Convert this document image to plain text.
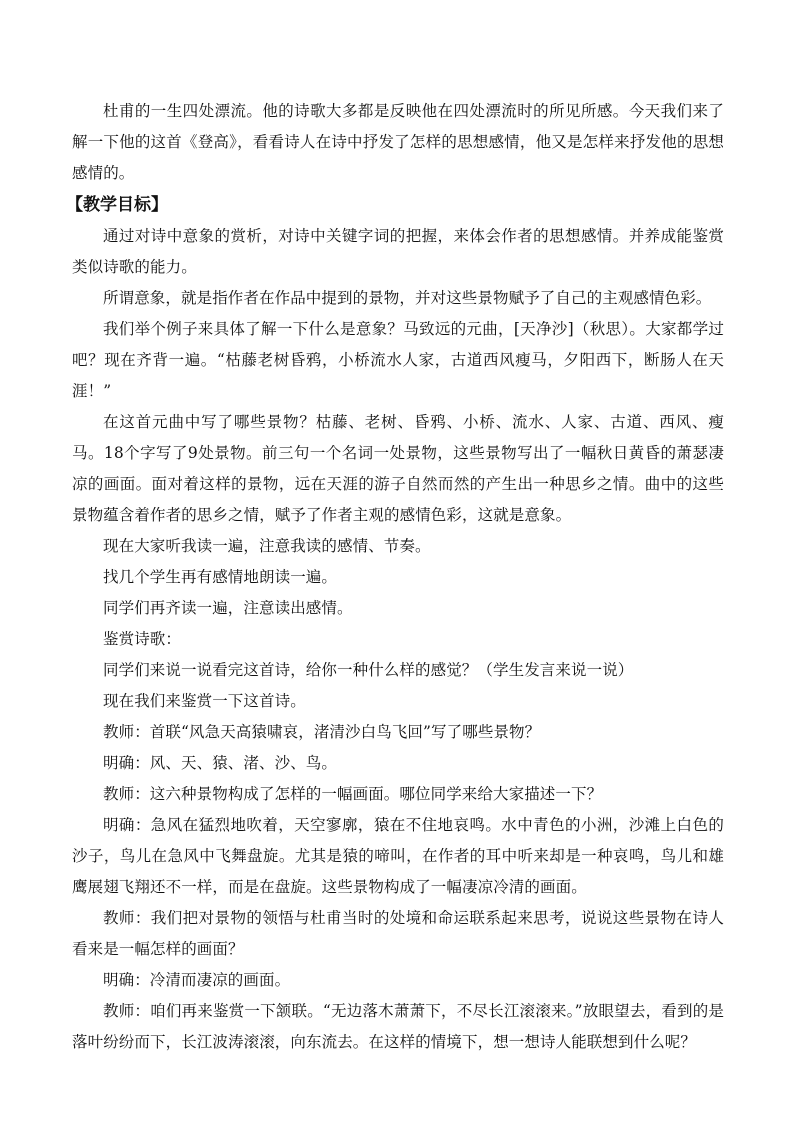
杜甫的一生四处漂流。他的诗歌大多都是反映他在四处漂流时的所见所感。今天我们来了解一下他的这首《登高》，看看诗人在诗中抒发了怎样的思想感情，他又是怎样来抒发他的思想感情的。

【教学目标】

通过对诗中意象的赏析，对诗中关键字词的把握，来体会作者的思想感情。并养成能鉴赏类似诗歌的能力。

所谓意象，就是指作者在作品中提到的景物，并对这些景物赋予了自己的主观感情色彩。

我们举个例子来具体了解一下什么是意象？马致远的元曲，[天净沙]（秋思）。大家都学过吧？现在齐背一遍。“枯藤老树昏鸦，小桥流水人家，古道西风瘦马，夕阳西下，断肠人在天涯！”

在这首元曲中写了哪些景物？枯藤、老树、昏鸦、小桥、流水、人家、古道、西风、瘦马。18个字写了9处景物。前三句一个名词一处景物，这些景物写出了一幅秋日黄昏的萧瑟凄凉的画面。面对着这样的景物，远在天涯的游子自然而然的产生出一种思乡之情。曲中的这些景物蕴含着作者的思乡之情，赋予了作者主观的感情色彩，这就是意象。

现在大家听我读一遍，注意我读的感情、节奏。

找几个学生再有感情地朗读一遍。

同学们再齐读一遍，注意读出感情。

鉴赏诗歌：

同学们来说一说看完这首诗，给你一种什么样的感觉？（学生发言来说一说）

现在我们来鉴赏一下这首诗。

教师：首联“风急天高猿啸哀，渚清沙白鸟飞回”写了哪些景物？

明确：风、天、猿、渚、沙、鸟。

教师：这六种景物构成了怎样的一幅画面。哪位同学来给大家描述一下？

明确：急风在猛烈地吹着，天空寥廓，猿在不住地哀鸣。水中青色的小洲，沙滩上白色的沙子，鸟儿在急风中飞舞盘旋。尤其是猿的啼叫，在作者的耳中听来却是一种哀鸣，鸟儿和雄鹰展翅飞翔还不一样，而是在盘旋。这些景物构成了一幅凄凉冷清的画面。

教师：我们把对景物的领悟与杜甫当时的处境和命运联系起来思考，说说这些景物在诗人看来是一幅怎样的画面？

明确：冷清而凄凉的画面。

教师：咱们再来鉴赏一下颔联。“无边落木萧萧下，不尽长江滚滚来。”放眼望去，看到的是落叶纷纷而下，长江波涛滚滚，向东流去。在这样的情境下，想一想诗人能联想到什么呢？
